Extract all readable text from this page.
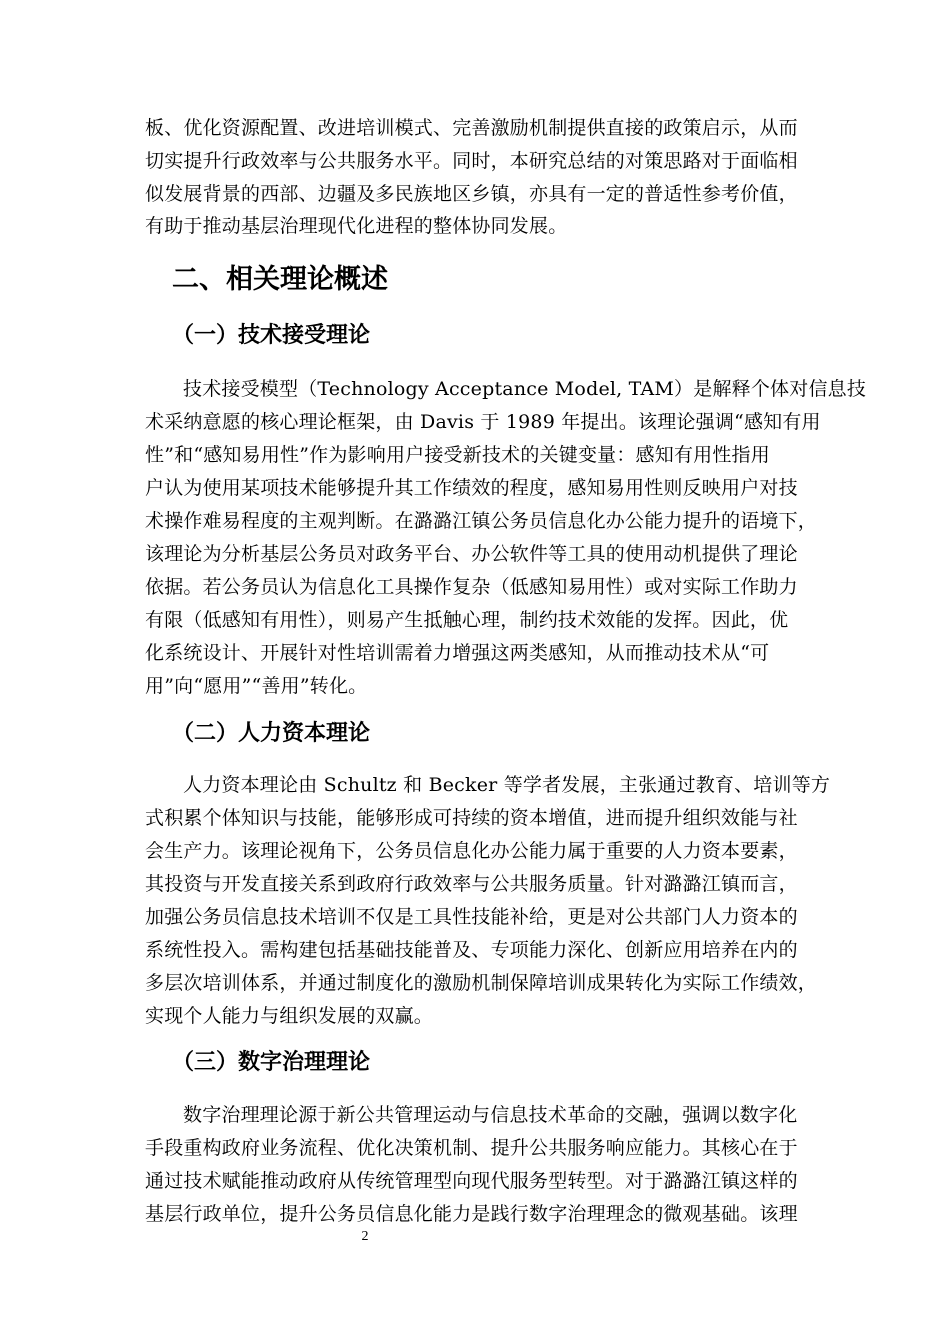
板、优化资源配置、改进培训模式、完善激励机制提供直接的政策启示，从而
切实提升行政效率与公共服务水平。同时，本研究总结的对策思路对于面临相
似发展背景的西部、边疆及多民族地区乡镇，亦具有一定的普适性参考价值，
有助于推动基层治理现代化进程的整体协同发展。
二、相关理论概述
（一）技术接受理论
技术接受模型（Technology Acceptance Model, TAM）是解释个体对信息技
术采纳意愿的核心理论框架，由 Davis 于 1989 年提出。该理论强调“感知有用
性”和“感知易用性”作为影响用户接受新技术的关键变量：感知有用性指用
户认为使用某项技术能够提升其工作绩效的程度，感知易用性则反映用户对技
术操作难易程度的主观判断。在潞潞江镇公务员信息化办公能力提升的语境下，
该理论为分析基层公务员对政务平台、办公软件等工具的使用动机提供了理论
依据。若公务员认为信息化工具操作复杂（低感知易用性）或对实际工作助力
有限（低感知有用性），则易产生抵触心理，制约技术效能的发挥。因此，优
化系统设计、开展针对性培训需着力增强这两类感知，从而推动技术从“可
用”向“愿用”“善用”转化。
（二）人力资本理论
人力资本理论由 Schultz 和 Becker 等学者发展，主张通过教育、培训等方
式积累个体知识与技能，能够形成可持续的资本增值，进而提升组织效能与社
会生产力。该理论视角下，公务员信息化办公能力属于重要的人力资本要素，
其投资与开发直接关系到政府行政效率与公共服务质量。针对潞潞江镇而言，
加强公务员信息技术培训不仅是工具性技能补给，更是对公共部门人力资本的
系统性投入。需构建包括基础技能普及、专项能力深化、创新应用培养在内的
多层次培训体系，并通过制度化的激励机制保障培训成果转化为实际工作绩效，
实现个人能力与组织发展的双赢。
（三）数字治理理论
数字治理理论源于新公共管理运动与信息技术革命的交融，强调以数字化
手段重构政府业务流程、优化决策机制、提升公共服务响应能力。其核心在于
通过技术赋能推动政府从传统管理型向现代服务型转型。对于潞潞江镇这样的
基层行政单位，提升公务员信息化能力是践行数字治理理念的微观基础。该理
2
